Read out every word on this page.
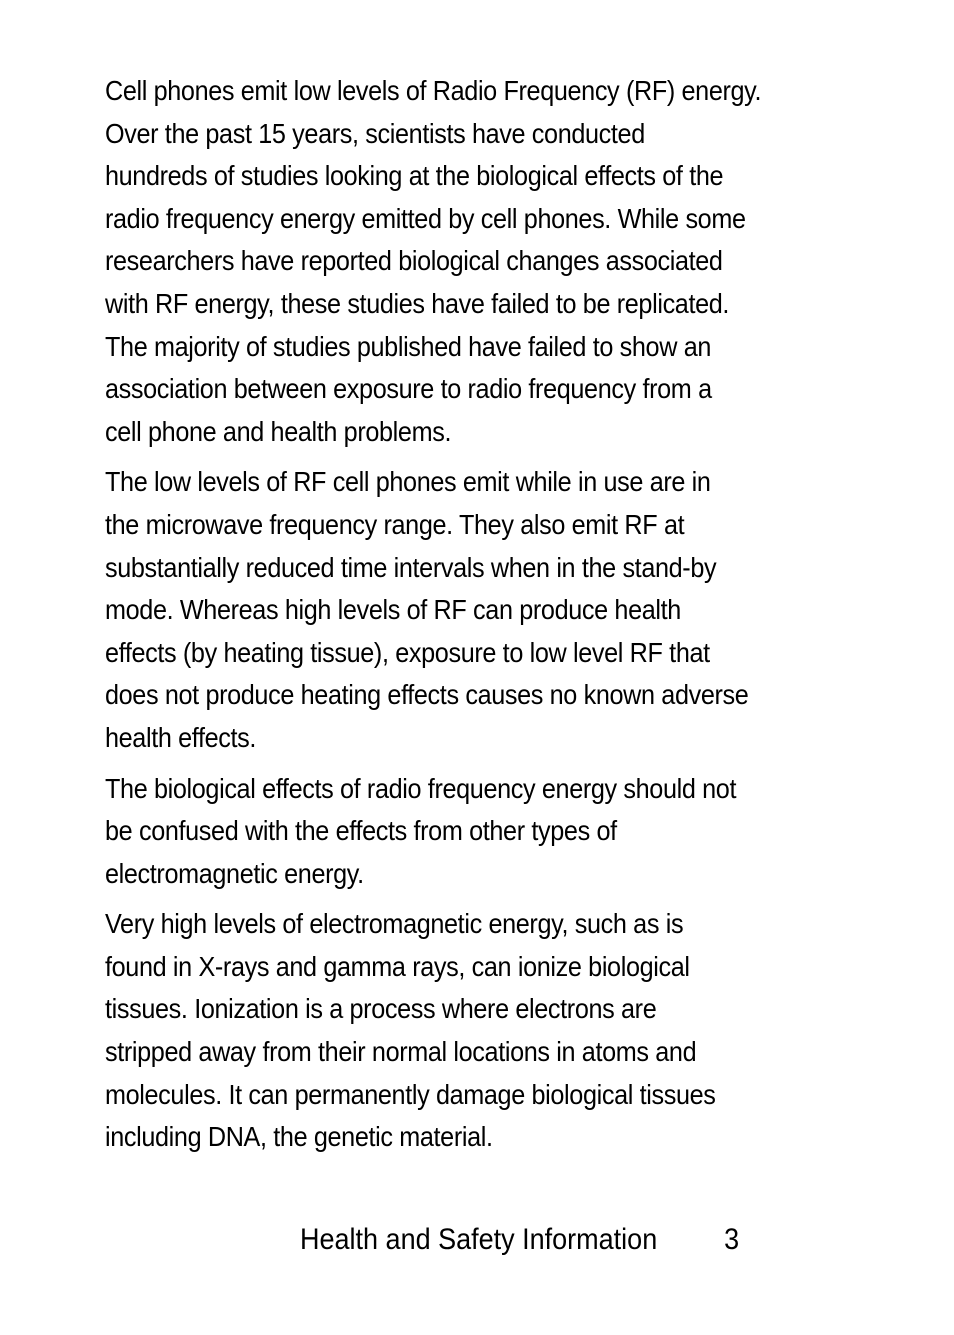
Cell phones emit low levels of Radio Frequency (RF) energy.
Over the past 15 years, scientists have conducted
hundreds of studies looking at the biological effects of the
radio frequency energy emitted by cell phones. While some
researchers have reported biological changes associated
with RF energy, these studies have failed to be replicated.
The majority of studies published have failed to show an
association between exposure to radio frequency from a
cell phone and health problems.

The low levels of RF cell phones emit while in use are in
the microwave frequency range. They also emit RF at
substantially reduced time intervals when in the stand-by
mode. Whereas high levels of RF can produce health
effects (by heating tissue), exposure to low level RF that
does not produce heating effects causes no known adverse
health effects.

The biological effects of radio frequency energy should not
be confused with the effects from other types of
electromagnetic energy.

Very high levels of electromagnetic energy, such as is
found in X-rays and gamma rays, can ionize biological
tissues. Ionization is a process where electrons are
stripped away from their normal locations in atoms and
molecules. It can permanently damage biological tissues
including DNA, the genetic material.

Health and Safety Information 3
